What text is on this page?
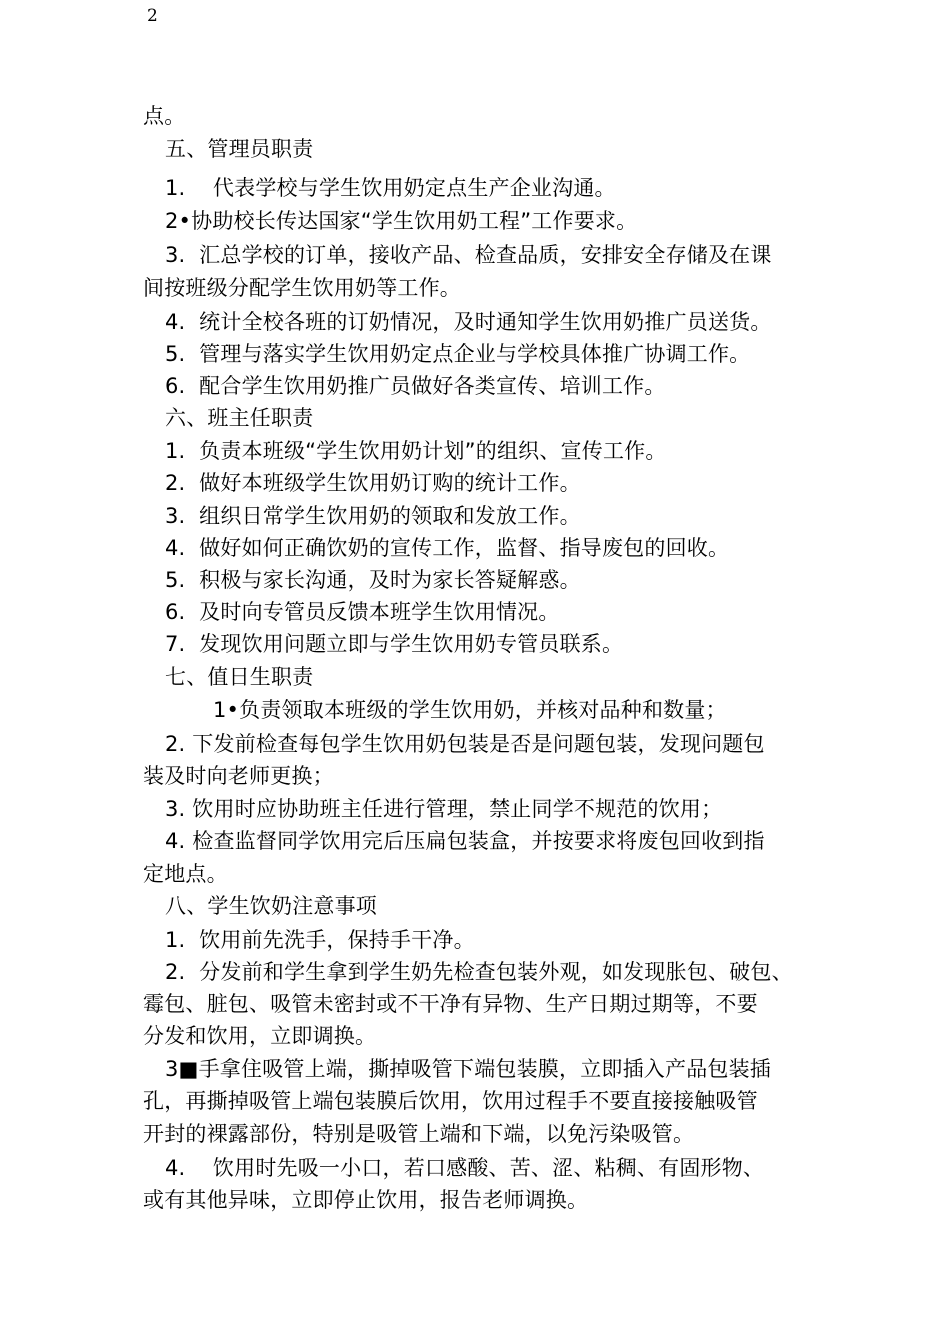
2
点。
五、管理员职责
1.    代表学校与学生饮用奶定点生产企业沟通。
2•协助校长传达国家“学生饮用奶工程”工作要求。
3.  汇总学校的订单，接收产品、检查品质，安排安全存储及在课
间按班级分配学生饮用奶等工作。
4.  统计全校各班的订奶情况，及时通知学生饮用奶推广员送货。
5.  管理与落实学生饮用奶定点企业与学校具体推广协调工作。
6.  配合学生饮用奶推广员做好各类宣传、培训工作。
六、班主任职责
1.  负责本班级“学生饮用奶计划”的组织、宣传工作。
2.  做好本班级学生饮用奶订购的统计工作。
3.  组织日常学生饮用奶的领取和发放工作。
4.  做好如何正确饮奶的宣传工作，监督、指导废包的回收。
5.  积极与家长沟通，及时为家长答疑解惑。
6.  及时向专管员反馈本班学生饮用情况。
7.  发现饮用问题立即与学生饮用奶专管员联系。
七、值日生职责
1•负责领取本班级的学生饮用奶，并核对品种和数量；
2. 下发前检查每包学生饮用奶包装是否是问题包装，发现问题包
装及时向老师更换；
3. 饮用时应协助班主任进行管理，禁止同学不规范的饮用；
4. 检查监督同学饮用完后压扁包装盒，并按要求将废包回收到指
定地点。
八、学生饮奶注意事项
1.  饮用前先洗手，保持手干净。
2.  分发前和学生拿到学生奶先检查包装外观，如发现胀包、破包、
霉包、脏包、吸管未密封或不干净有异物、生产日期过期等，不要
分发和饮用，立即调换。
3■手拿住吸管上端，撕掉吸管下端包装膜，立即插入产品包装插
孔，再撕掉吸管上端包装膜后饮用，饮用过程手不要直接接触吸管
开封的裸露部份，特别是吸管上端和下端，以免污染吸管。
4.    饮用时先吸一小口，若口感酸、苦、涩、粘稠、有固形物、
或有其他异味，立即停止饮用，报告老师调换。
